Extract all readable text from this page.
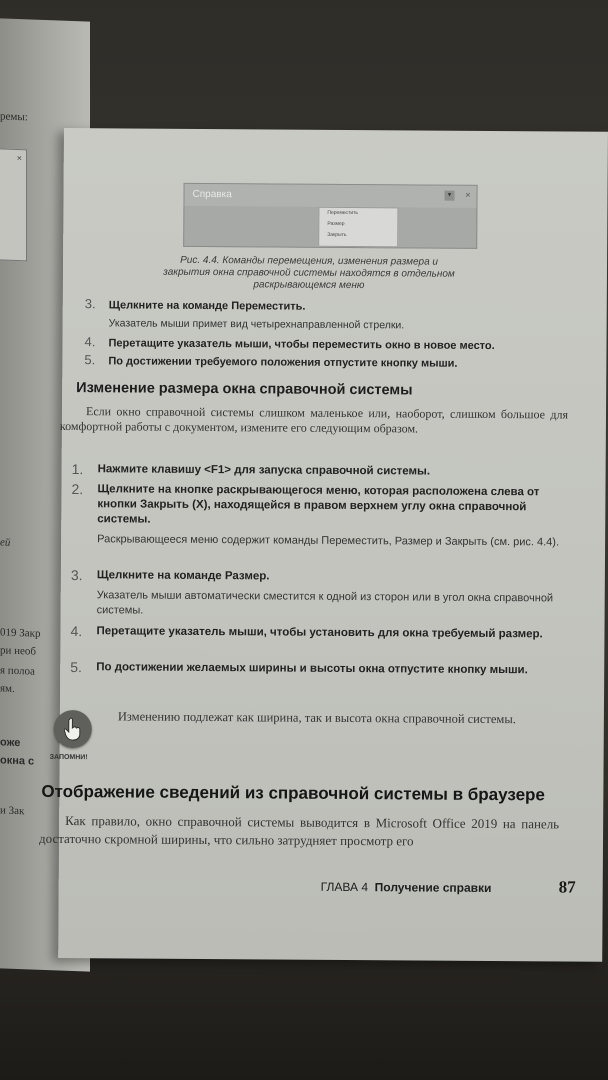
ремы:
×
ей
019 Закр
ри необ
я полоа
ям.
оже
окна с
и Зак
Справка	▾	×
Переместить
Размер
Закрыть
Рис. 4.4. Команды перемещения, изменения размера и закрытия окна справочной системы находятся в отдельном раскрывающемся меню
3. Щелкните на команде Переместить.
Указатель мыши примет вид четырехнаправленной стрелки.
4. Перетащите указатель мыши, чтобы переместить окно в новое место.
5. По достижении требуемого положения отпустите кнопку мыши.
Изменение размера окна справочной системы
Если окно справочной системы слишком маленькое или, наоборот, слишком большое для комфортной работы с документом, измените его следующим образом.
1. Нажмите клавишу <F1> для запуска справочной системы.
2. Щелкните на кнопке раскрывающегося меню, которая расположена слева от кнопки Закрыть (X), находящейся в правом верхнем углу окна справочной системы.
Раскрывающееся меню содержит команды Переместить, Размер и Закрыть (см. рис. 4.4).
3. Щелкните на команде Размер.
Указатель мыши автоматически сместится к одной из сторон или в угол окна справочной системы.
4. Перетащите указатель мыши, чтобы установить для окна требуемый размер.
5. По достижении желаемых ширины и высоты окна отпустите кнопку мыши.
ЗАПОМНИ!
Изменению подлежат как ширина, так и высота окна справочной системы.
Отображение сведений из справочной системы в браузере
Как правило, окно справочной системы выводится в Microsoft Office 2019 на панель достаточно скромной ширины, что сильно затрудняет просмотр его
ГЛАВА 4 Получение справки	87
